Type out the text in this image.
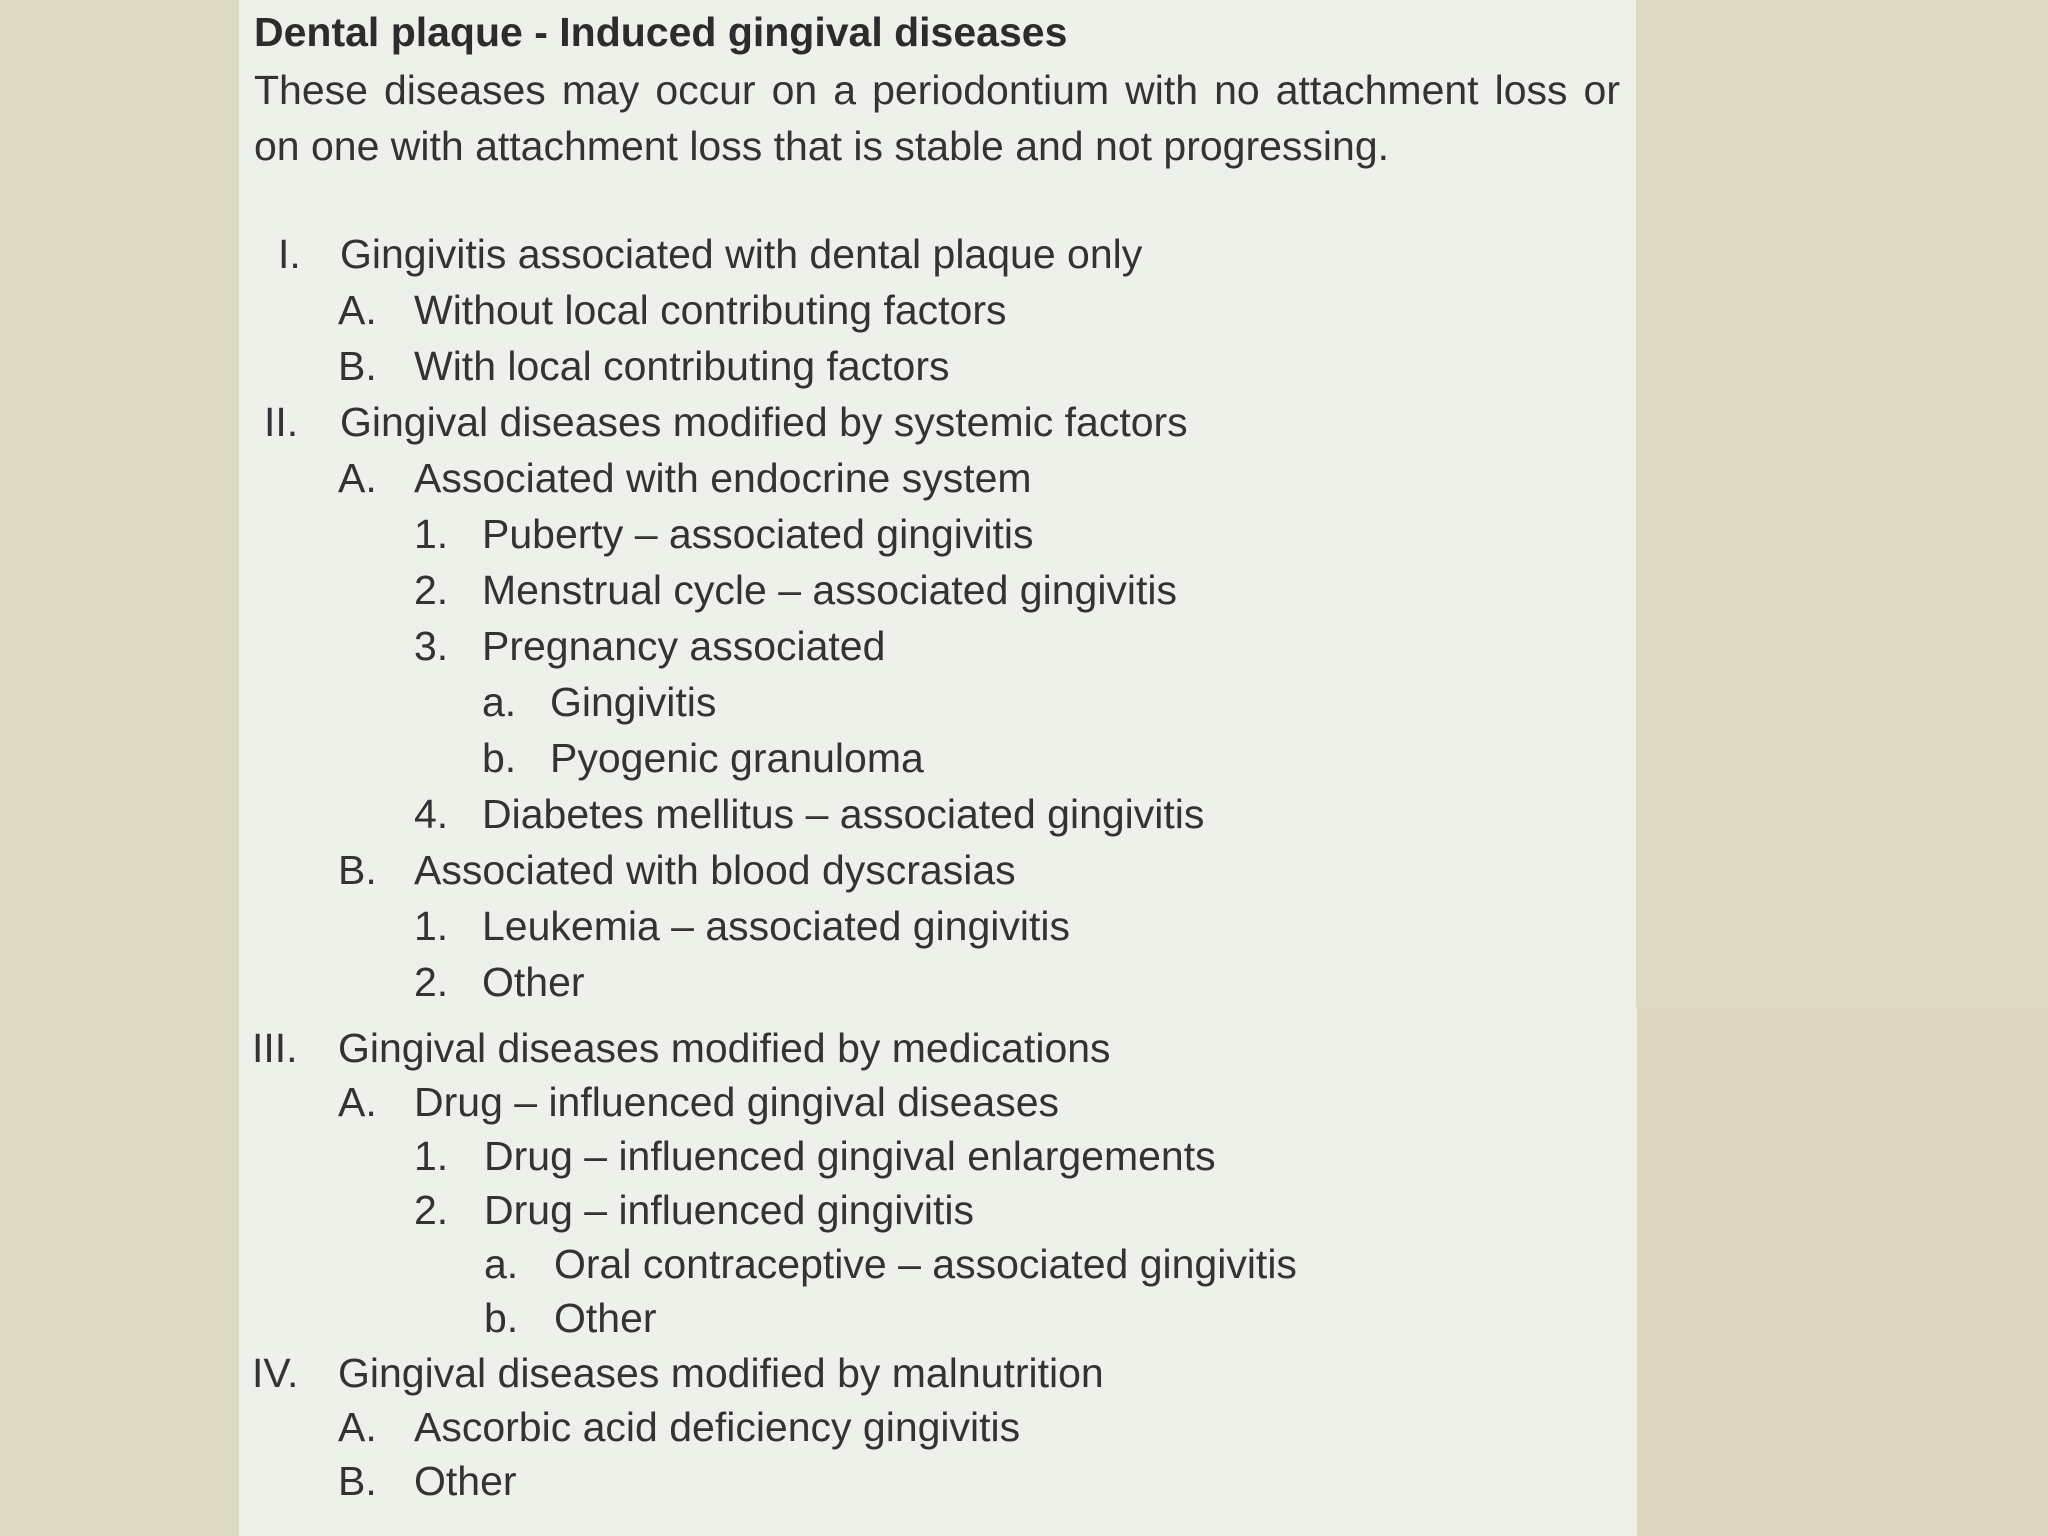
Dental plaque - Induced gingival diseases
These diseases may occur on a periodontium with no attachment loss or on one with attachment loss that is stable and not progressing.
I. Gingivitis associated with dental plaque only
A. Without local contributing factors
B. With local contributing factors
II. Gingival diseases modified by systemic factors
A. Associated with endocrine system
1. Puberty – associated gingivitis
2. Menstrual cycle – associated gingivitis
3. Pregnancy associated
a. Gingivitis
b. Pyogenic granuloma
4. Diabetes mellitus – associated gingivitis
B. Associated with blood dyscrasias
1. Leukemia – associated gingivitis
2. Other
III. Gingival diseases modified by medications
A. Drug – influenced gingival diseases
1. Drug – influenced gingival enlargements
2. Drug – influenced gingivitis
a. Oral contraceptive – associated gingivitis
b. Other
IV. Gingival diseases modified by malnutrition
A. Ascorbic acid deficiency gingivitis
B. Other
